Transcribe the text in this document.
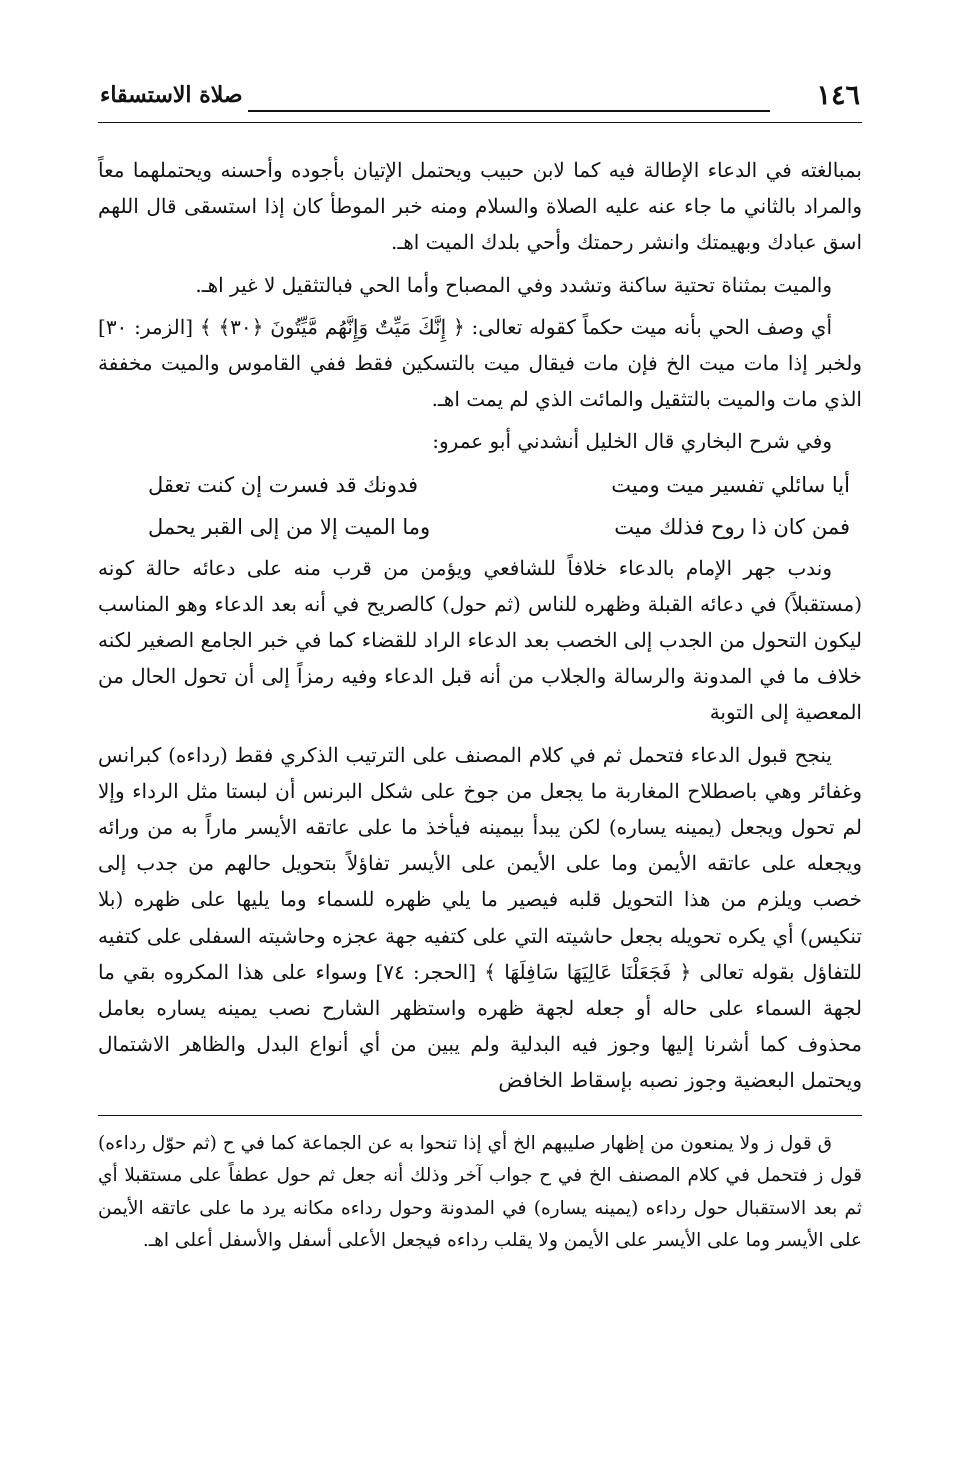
١٤٦
صلاة الاستسقاء

بمبالغته في الدعاء الإطالة فيه كما لابن حبيب ويحتمل الإتيان بأجوده وأحسنه ويحتملهما معاً والمراد بالثاني ما جاء عنه عليه الصلاة والسلام ومنه خبر الموطأ كان إذا استسقى قال اللهم اسق عبادك وبهيمتك وانشر رحمتك وأحي بلدك الميت اهـ.

والميت بمثناة تحتية ساكنة وتشدد وفي المصباح وأما الحي فبالتثقيل لا غير اهـ.

أي وصف الحي بأنه ميت حكماً كقوله تعالى: ﴿ إِنَّكَ مَيِّتٌ وَإِنَّهُم مَّيِّتُونَ ﴿٣٠﴾ ﴾ [الزمر: ٣٠] ولخبر إذا مات ميت الخ فإن مات فيقال ميت بالتسكين فقط ففي القاموس والميت مخففة الذي مات والميت بالتثقيل والمائت الذي لم يمت اهـ.

وفي شرح البخاري قال الخليل أنشدني أبو عمرو:

أيا سائلي تفسير ميت وميت
فدونك قد فسرت إن كنت تعقل
فمن كان ذا روح فذلك ميت
وما الميت إلا من إلى القبر يحمل

وندب جهر الإمام بالدعاء خلافاً للشافعي ويؤمن من قرب منه على دعائه حالة كونه (مستقبلاً) في دعائه القبلة وظهره للناس (ثم حول) كالصريح في أنه بعد الدعاء وهو المناسب ليكون التحول من الجدب إلى الخصب بعد الدعاء الراد للقضاء كما في خبر الجامع الصغير لكنه خلاف ما في المدونة والرسالة والجلاب من أنه قبل الدعاء وفيه رمزاً إلى أن تحول الحال من المعصية إلى التوبة

ينجح قبول الدعاء فتحمل ثم في كلام المصنف على الترتيب الذكري فقط (رداءه) كبرانس وغفائر وهي باصطلاح المغاربة ما يجعل من جوخ على شكل البرنس أن لبستا مثل الرداء وإلا لم تحول ويجعل (يمينه يساره) لكن يبدأ بيمينه فيأخذ ما على عاتقه الأيسر ماراً به من ورائه ويجعله على عاتقه الأيمن وما على الأيمن على الأيسر تفاؤلاً بتحويل حالهم من جدب إلى خصب ويلزم من هذا التحويل قلبه فيصير ما يلي ظهره للسماء وما يليها على ظهره (بلا تنكيس) أي يكره تحويله بجعل حاشيته التي على كتفيه جهة عجزه وحاشيته السفلى على كتفيه للتفاؤل بقوله تعالى ﴿ فَجَعَلْنَا عَالِيَهَا سَافِلَهَا ﴾ [الحجر: ٧٤] وسواء على هذا المكروه بقي ما لجهة السماء على حاله أو جعله لجهة ظهره واستظهر الشارح نصب يمينه يساره بعامل محذوف كما أشرنا إليها وجوز فيه البدلية ولم يبين من أي أنواع البدل والظاهر الاشتمال ويحتمل البعضية وجوز نصبه بإسقاط الخافض

ق قول ز ولا يمنعون من إظهار صليبهم الخ أي إذا تنحوا به عن الجماعة كما في ح (ثم حوّل رداءه) قول ز فتحمل في كلام المصنف الخ في ح جواب آخر وذلك أنه جعل ثم حول عطفاً على مستقبلا أي ثم بعد الاستقبال حول رداءه (يمينه يساره) في المدونة وحول رداءه مكانه يرد ما على عاتقه الأيمن على الأيسر وما على الأيسر على الأيمن ولا يقلب رداءه فيجعل الأعلى أسفل والأسفل أعلى اهـ.
